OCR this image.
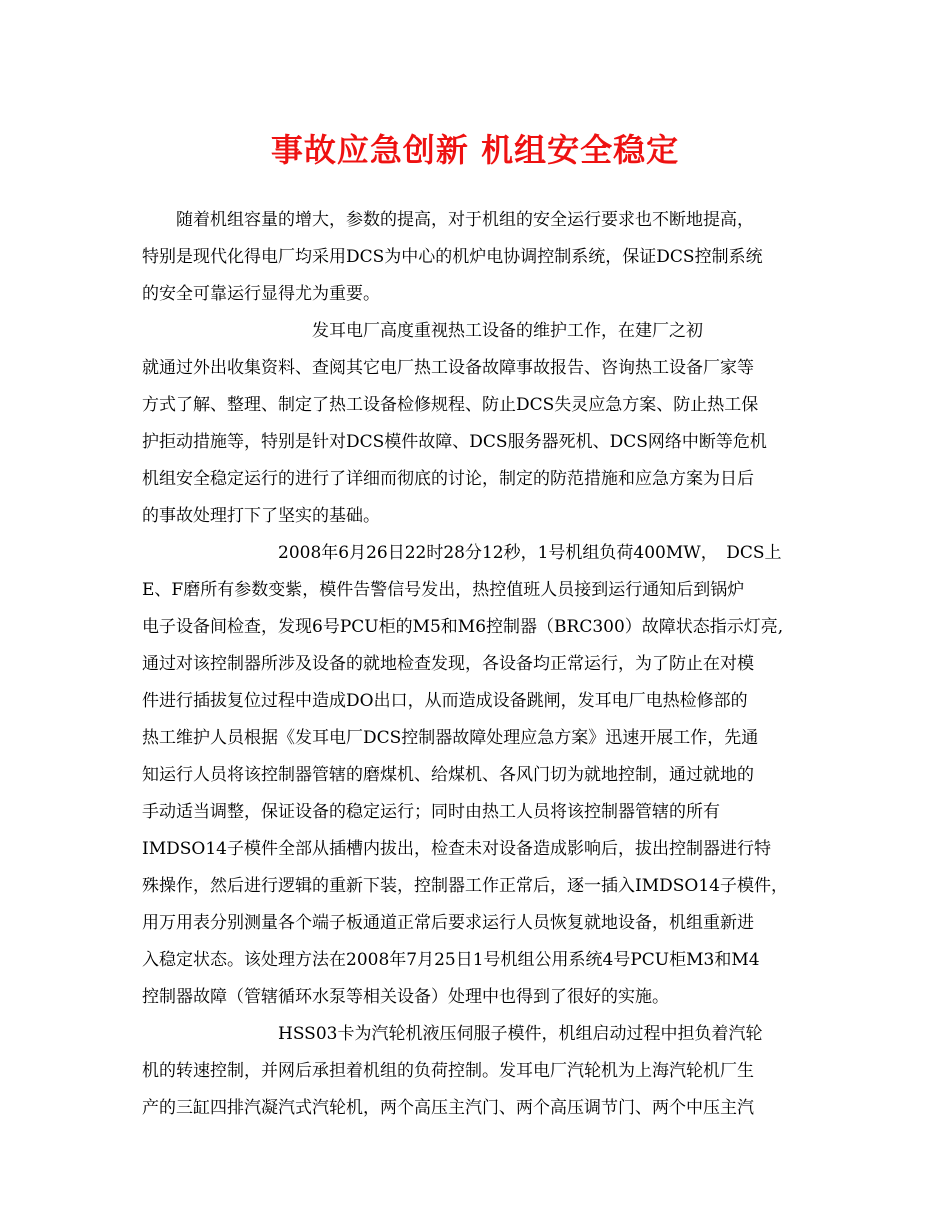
事故应急创新 机组安全稳定
　　随着机组容量的增大，参数的提高，对于机组的安全运行要求也不断地提高，
特别是现代化得电厂均采用DCS为中心的机炉电协调控制系统，保证DCS控制系统
的安全可靠运行显得尤为重要。
　　　　　　　　　　发耳电厂高度重视热工设备的维护工作，在建厂之初
就通过外出收集资料、查阅其它电厂热工设备故障事故报告、咨询热工设备厂家等
方式了解、整理、制定了热工设备检修规程、防止DCS失灵应急方案、防止热工保
护拒动措施等，特别是针对DCS模件故障、DCS服务器死机、DCS网络中断等危机
机组安全稳定运行的进行了详细而彻底的讨论，制定的防范措施和应急方案为日后
的事故处理打下了坚实的基础。
　　　　　　　　2008年6月26日22时28分12秒，1号机组负荷400MW，　DCS上
E、F磨所有参数变紫，模件告警信号发出，热控值班人员接到运行通知后到锅炉
电子设备间检查，发现6号PCU柜的M5和M6控制器（BRC300）故障状态指示灯亮,
通过对该控制器所涉及设备的就地检查发现，各设备均正常运行，为了防止在对模
件进行插拔复位过程中造成DO出口，从而造成设备跳闸，发耳电厂电热检修部的
热工维护人员根据《发耳电厂DCS控制器故障处理应急方案》迅速开展工作，先通
知运行人员将该控制器管辖的磨煤机、给煤机、各风门切为就地控制，通过就地的
手动适当调整，保证设备的稳定运行；同时由热工人员将该控制器管辖的所有
IMDSO14子模件全部从插槽内拔出，检查未对设备造成影响后，拔出控制器进行特
殊操作，然后进行逻辑的重新下装，控制器工作正常后，逐一插入IMDSO14子模件，
用万用表分别测量各个端子板通道正常后要求运行人员恢复就地设备，机组重新进
入稳定状态。该处理方法在2008年7月25日1号机组公用系统4号PCU柜M3和M4
控制器故障（管辖循环水泵等相关设备）处理中也得到了很好的实施。
　　　　　　　　HSS03卡为汽轮机液压伺服子模件，机组启动过程中担负着汽轮
机的转速控制，并网后承担着机组的负荷控制。发耳电厂汽轮机为上海汽轮机厂生
产的三缸四排汽凝汽式汽轮机，两个高压主汽门、两个高压调节门、两个中压主汽
